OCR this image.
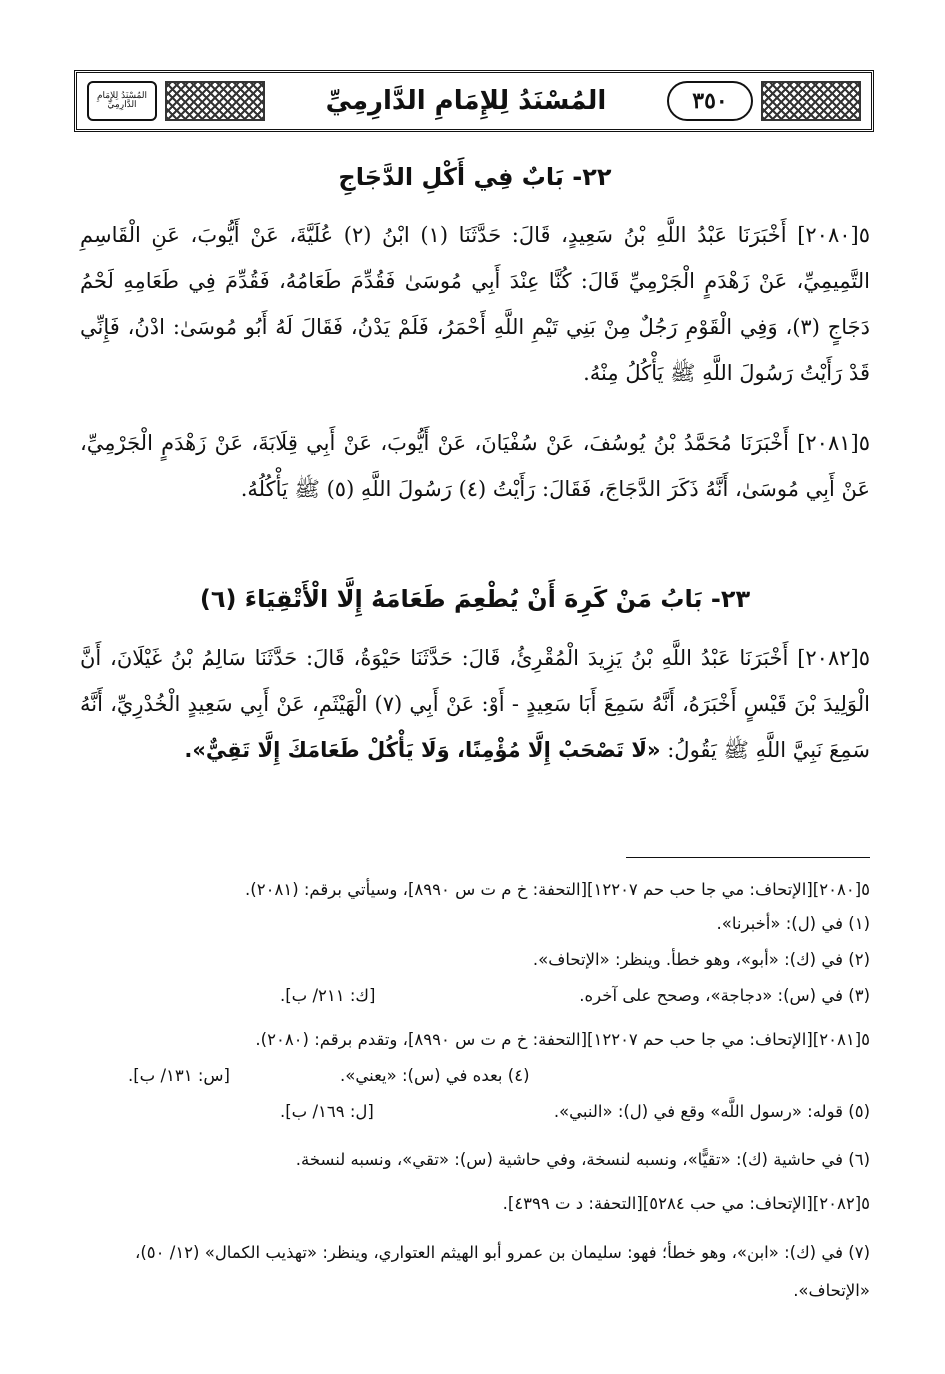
٣٥٠
المُسْنَدُ لِلإِمَامِ الدَّارِمِيِّ
المُسْنَدُ لِلإِمَامِ الدَّارِمِيِّ
٢٢- بَابٌ فِي أَكْلِ الدَّجَاجِ
٥[٢٠٨٠] أَخْبَرَنَا عَبْدُ اللَّهِ بْنُ سَعِيدٍ، قَالَ: حَدَّثَنَا (١) ابْنُ (٢) عُلَيَّةَ، عَنْ أَيُّوبَ، عَنِ الْقَاسِمِ التَّمِيمِيِّ، عَنْ زَهْدَمٍ الْجَرْمِيِّ قَالَ: كُنَّا عِنْدَ أَبِي مُوسَىٰ فَقُدِّمَ طَعَامُهُ، فَقُدِّمَ فِي طَعَامِهِ لَحْمُ دَجَاجٍ (٣)، وَفِي الْقَوْمِ رَجُلٌ مِنْ بَنِي تَيْمِ اللَّهِ أَحْمَرُ، فَلَمْ يَدْنُ، فَقَالَ لَهُ أَبُو مُوسَىٰ: ادْنُ، فَإِنِّي قَدْ رَأَيْتُ رَسُولَ اللَّهِ ﷺ يَأْكُلُ مِنْهُ.
٥[٢٠٨١] أَخْبَرَنَا مُحَمَّدُ بْنُ يُوسُفَ، عَنْ سُفْيَانَ، عَنْ أَيُّوبَ، عَنْ أَبِي قِلَابَةَ، عَنْ زَهْدَمٍ الْجَرْمِيِّ، عَنْ أَبِي مُوسَىٰ، أَنَّهُ ذَكَرَ الدَّجَاجَ، فَقَالَ: رَأَيْتُ (٤) رَسُولَ اللَّهِ (٥) ﷺ يَأْكُلُهُ.
٢٣- بَابُ مَنْ كَرِهَ أَنْ يُطْعِمَ طَعَامَهُ إِلَّا الْأَتْقِيَاءَ (٦)
٥[٢٠٨٢] أَخْبَرَنَا عَبْدُ اللَّهِ بْنُ يَزِيدَ الْمُقْرِئُ، قَالَ: حَدَّثَنَا حَيْوَةُ، قَالَ: حَدَّثَنَا سَالِمُ بْنُ غَيْلَانَ، أَنَّ الْوَلِيدَ بْنَ قَيْسٍ أَخْبَرَهُ، أَنَّهُ سَمِعَ أَبَا سَعِيدٍ - أَوْ: عَنْ أَبِي (٧) الْهَيْثَمِ، عَنْ أَبِي سَعِيدٍ الْخُدْرِيِّ، أَنَّهُ سَمِعَ نَبِيَّ اللَّهِ ﷺ يَقُولُ: «لَا تَصْحَبْ إِلَّا مُؤْمِنًا، وَلَا يَأْكُلْ طَعَامَكَ إِلَّا تَقِيٌّ».
٥[٢٠٨٠][الإتحاف: مي جا حب حم ١٢٢٠٧][التحفة: خ م ت س ٨٩٩٠]، وسيأتي برقم: (٢٠٨١).
(١) في (ل): «أخبرنا».
(٢) في (ك): «أبو»، وهو خطأ. وينظر: «الإتحاف».
(٣) في (س): «دجاجة»، وصحح على آخره.
[ك: ٢١١/ ب].
٥[٢٠٨١][الإتحاف: مي جا حب حم ١٢٢٠٧][التحفة: خ م ت س ٨٩٩٠]، وتقدم برقم: (٢٠٨٠).
[س: ١٣١/ ب].	(٤) بعده في (س): «يعني».
(٥) قوله: «رسول اللَّه» وقع في (ل): «النبي».
[ل: ١٦٩/ ب].
(٦) في حاشية (ك): «تقيًّا»، ونسبه لنسخة، وفي حاشية (س): «تقي»، ونسبه لنسخة.
٥[٢٠٨٢][الإتحاف: مي حب ٥٢٨٤][التحفة: د ت ٤٣٩٩].
(٧) في (ك): «ابن»، وهو خطأ؛ فهو: سليمان بن عمرو أبو الهيثم العتواري، وينظر: «تهذيب الكمال» (١٢/ ٥٠)، «الإتحاف».
